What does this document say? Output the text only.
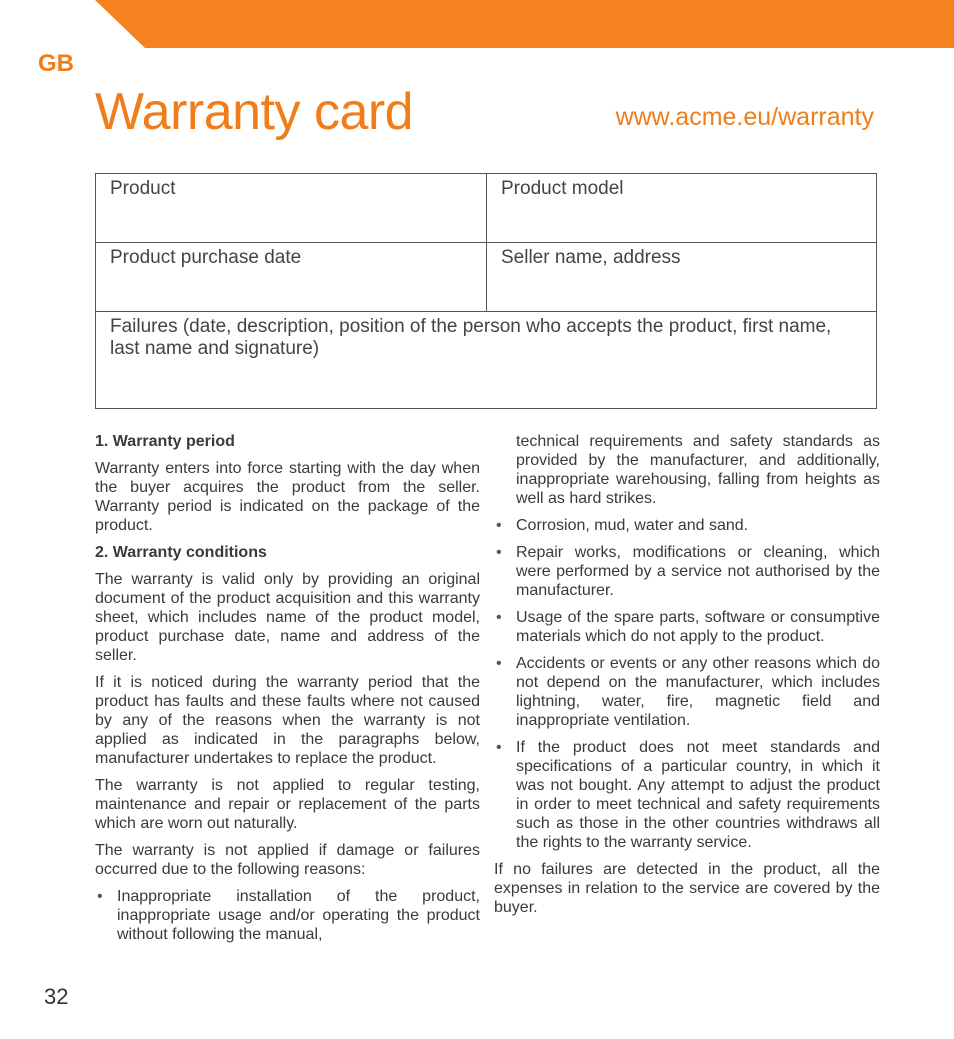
GB
Warranty card	www.acme.eu/warranty
Product	Product model
Product purchase date	Seller name, address
Failures (date, description, position of the person who accepts the product, first name, last name and signature)	
1. Warranty period

Warranty enters into force starting with the day when the buyer acquires the product from the seller. Warranty period is indicated on the package of the product.

2. Warranty conditions

The warranty is valid only by providing an original document of the product acquisition and this warranty sheet, which includes name of the product model, product purchase date, name and address of the seller.

If it is noticed during the warranty period that the product has faults and these faults where not caused by any of the reasons when the warranty is not applied as indicated in the paragraphs below, manufacturer undertakes to replace the product.

The warranty is not applied to regular testing, maintenance and repair or replacement of the parts which are worn out naturally.

The warranty is not applied if damage or failures occurred due to the following reasons:

• Inappropriate installation of the product, inappropriate usage and/or operating the product without following the manual,
technical requirements and safety standards as provided by the manufacturer, and additionally, inappropriate warehousing, falling from heights as well as hard strikes.
• Corrosion, mud, water and sand.
• Repair works, modifications or cleaning, which were performed by a service not authorised by the manufacturer.
• Usage of the spare parts, software or consumptive materials which do not apply to the product.
• Accidents or events or any other reasons which do not depend on the manufacturer, which includes lightning, water, fire, magnetic field and inappropriate ventilation.
• If the product does not meet standards and specifications of a particular country, in which it was not bought. Any attempt to adjust the product in order to meet technical and safety requirements such as those in the other countries withdraws all the rights to the warranty service.

If no failures are detected in the product, all the expenses in relation to the service are covered by the buyer.

32
